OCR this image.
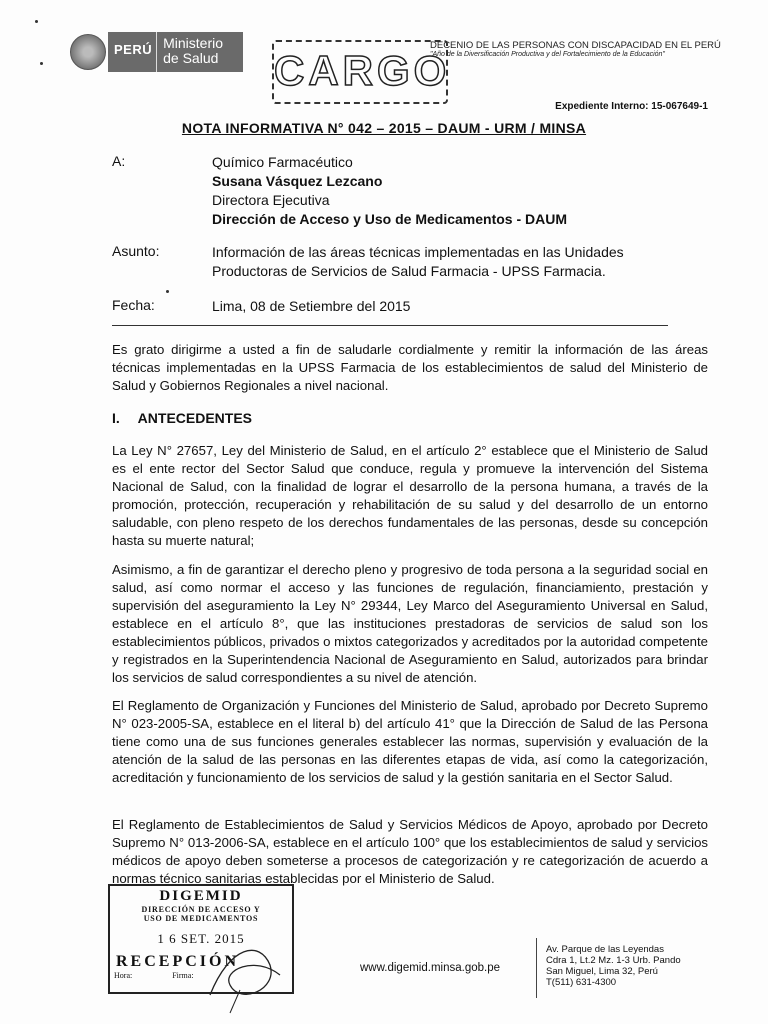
PERÚ Ministerio
de Salud CARGO
DECENIO DE LAS PERSONAS CON DISCAPACIDAD EN EL PERÚ
"Año de la Diversificación Productiva y del Fortalecimiento de la Educación"
Expediente Interno: 15-067649-1
NOTA INFORMATIVA N° 042 – 2015 – DAUM - URM / MINSA
A:	Químico Farmacéutico
Susana Vásquez Lezcano
Directora Ejecutiva
Dirección de Acceso y Uso de Medicamentos - DAUM
Asunto:	Información de las áreas técnicas implementadas en las Unidades
Productoras de Servicios de Salud Farmacia - UPSS Farmacia.
Fecha:	Lima, 08 de Setiembre del 2015
Es grato dirigirme a usted a fin de saludarle cordialmente y remitir la información de las áreas técnicas implementadas en la UPSS Farmacia de los establecimientos de salud del Ministerio de Salud y Gobiernos Regionales a nivel nacional.
I. ANTECEDENTES
La Ley N° 27657, Ley del Ministerio de Salud, en el artículo 2° establece que el Ministerio de Salud es el ente rector del Sector Salud que conduce, regula y promueve la intervención del Sistema Nacional de Salud, con la finalidad de lograr el desarrollo de la persona humana, a través de la promoción, protección, recuperación y rehabilitación de su salud y del desarrollo de un entorno saludable, con pleno respeto de los derechos fundamentales de las personas, desde su concepción hasta su muerte natural;
Asimismo, a fin de garantizar el derecho pleno y progresivo de toda persona a la seguridad social en salud, así como normar el acceso y las funciones de regulación, financiamiento, prestación y supervisión del aseguramiento la Ley N° 29344, Ley Marco del Aseguramiento Universal en Salud, establece en el artículo 8°, que las instituciones prestadoras de servicios de salud son los establecimientos públicos, privados o mixtos categorizados y acreditados por la autoridad competente y registrados en la Superintendencia Nacional de Aseguramiento en Salud, autorizados para brindar los servicios de salud correspondientes a su nivel de atención.
El Reglamento de Organización y Funciones del Ministerio de Salud, aprobado por Decreto Supremo N° 023-2005-SA, establece en el literal b) del artículo 41° que la Dirección de Salud de las Persona tiene como una de sus funciones generales establecer las normas, supervisión y evaluación de la atención de la salud de las personas en las diferentes etapas de vida, así como la categorización, acreditación y funcionamiento de los servicios de salud y la gestión sanitaria en el Sector Salud.
El Reglamento de Establecimientos de Salud y Servicios Médicos de Apoyo, aprobado por Decreto Supremo N° 013-2006-SA, establece en el artículo 100° que los establecimientos de salud y servicios médicos de apoyo deben someterse a procesos de categorización y re categorización de acuerdo a normas técnico sanitarias establecidas por el Ministerio de Salud.
DIGEMID
DIRECCIÓN DE ACCESO Y
USO DE MEDICAMENTOS
1 6 SET. 2015
RECEPCIÓN
Hora:	Firma:
www.digemid.minsa.gob.pe
Av. Parque de las Leyendas
Cdra 1, Lt.2 Mz. 1-3 Urb. Pando
San Miguel, Lima 32, Perú
T(511) 631-4300
